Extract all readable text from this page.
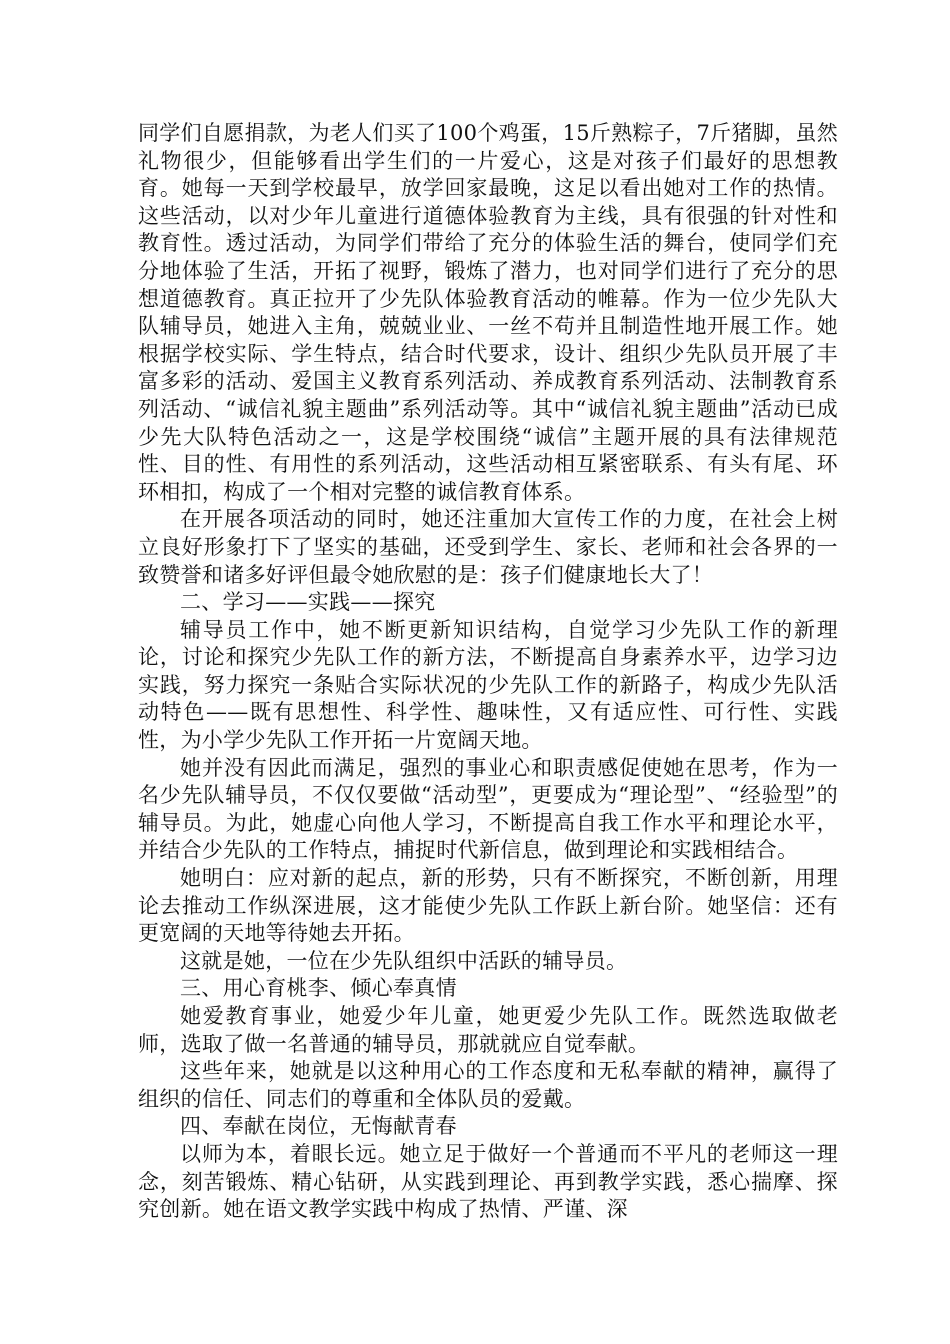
同学们自愿捐款，为老人们买了100个鸡蛋，15斤熟粽子，7斤猪脚，虽然礼物很少，但能够看出学生们的一片爱心，这是对孩子们最好的思想教育。她每一天到学校最早，放学回家最晚，这足以看出她对工作的热情。这些活动，以对少年儿童进行道德体验教育为主线，具有很强的针对性和教育性。透过活动，为同学们带给了充分的体验生活的舞台，使同学们充分地体验了生活，开拓了视野，锻炼了潜力，也对同学们进行了充分的思想道德教育。真正拉开了少先队体验教育活动的帷幕。作为一位少先队大队辅导员，她进入主角，兢兢业业、一丝不苟并且制造性地开展工作。她根据学校实际、学生特点，结合时代要求，设计、组织少先队员开展了丰富多彩的活动、爱国主义教育系列活动、养成教育系列活动、法制教育系列活动、“诚信礼貌主题曲”系列活动等。其中“诚信礼貌主题曲”活动已成少先大队特色活动之一，这是学校围绕“诚信”主题开展的具有法律规范性、目的性、有用性的系列活动，这些活动相互紧密联系、有头有尾、环环相扣，构成了一个相对完整的诚信教育体系。

在开展各项活动的同时，她还注重加大宣传工作的力度，在社会上树立良好形象打下了坚实的基础，还受到学生、家长、老师和社会各界的一致赞誉和诸多好评但最令她欣慰的是：孩子们健康地长大了！

二、学习——实践——探究

辅导员工作中，她不断更新知识结构，自觉学习少先队工作的新理论，讨论和探究少先队工作的新方法，不断提高自身素养水平，边学习边实践，努力探究一条贴合实际状况的少先队工作的新路子，构成少先队活动特色——既有思想性、科学性、趣味性，又有适应性、可行性、实践性，为小学少先队工作开拓一片宽阔天地。

她并没有因此而满足，强烈的事业心和职责感促使她在思考，作为一名少先队辅导员，不仅仅要做“活动型”，更要成为“理论型”、“经验型”的辅导员。为此，她虚心向他人学习，不断提高自我工作水平和理论水平，并结合少先队的工作特点，捕捉时代新信息，做到理论和实践相结合。

她明白：应对新的起点，新的形势，只有不断探究，不断创新，用理论去推动工作纵深进展，这才能使少先队工作跃上新台阶。她坚信：还有更宽阔的天地等待她去开拓。

这就是她，一位在少先队组织中活跃的辅导员。

三、用心育桃李、倾心奉真情

她爱教育事业，她爱少年儿童，她更爱少先队工作。既然选取做老师，选取了做一名普通的辅导员，那就就应自觉奉献。

这些年来，她就是以这种用心的工作态度和无私奉献的精神，赢得了组织的信任、同志们的尊重和全体队员的爱戴。

四、奉献在岗位，无悔献青春

以师为本，着眼长远。她立足于做好一个普通而不平凡的老师这一理念，刻苦锻炼、精心钻研，从实践到理论、再到教学实践，悉心揣摩、探究创新。她在语文教学实践中构成了热情、严谨、深
